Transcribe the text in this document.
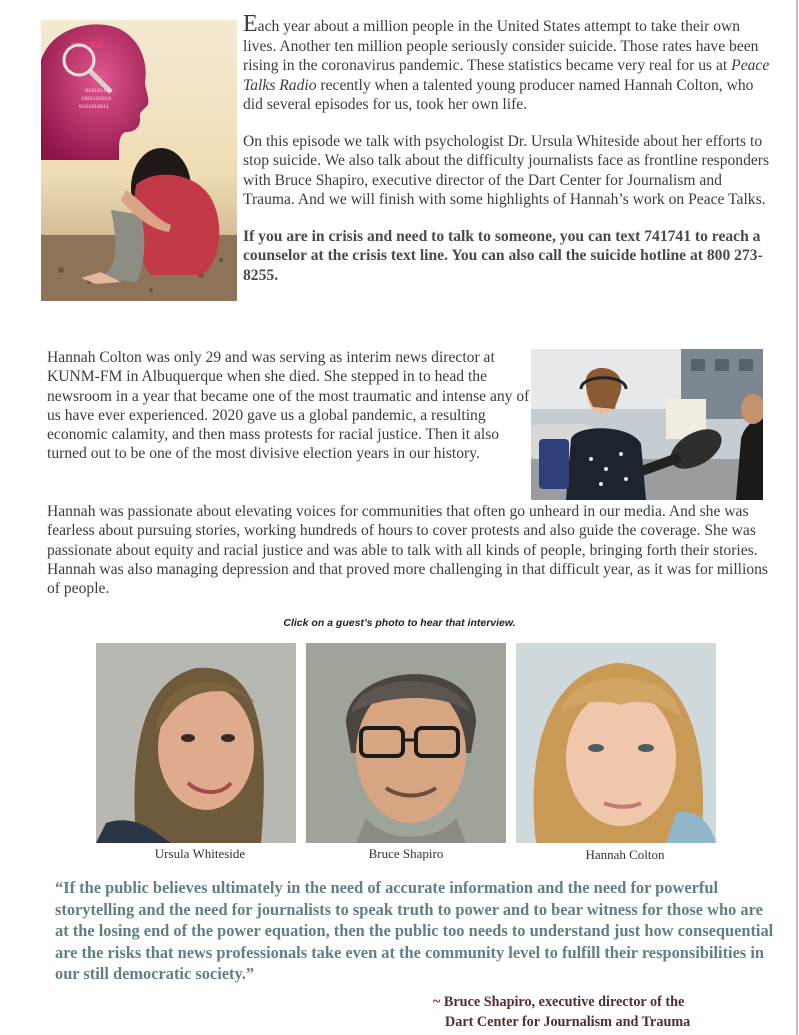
SUICIDE
010101101
1001101010
0101010011

Each year about a million people in the United States attempt to take their own lives. Another ten million people seriously consider suicide. Those rates have been rising in the coronavirus pandemic. These statistics became very real for us at Peace Talks Radio recently when a talented young producer named Hannah Colton, who did several episodes for us, took her own life.

On this episode we talk with psychologist Dr. Ursula Whiteside about her efforts to stop suicide. We also talk about the difficulty journalists face as frontline responders with Bruce Shapiro, executive director of the Dart Center for Journalism and Trauma. And we will finish with some highlights of Hannah’s work on Peace Talks.

If you are in crisis and need to talk to someone, you can text 741741 to reach a counselor at the crisis text line. You can also call the suicide hotline at 800 273-8255.

Hannah Colton was only 29 and was serving as interim news director at KUNM-FM in Albuquerque when she died. She stepped in to head the newsroom in a year that became one of the most traumatic and intense any of us have ever experienced. 2020 gave us a global pandemic, a resulting economic calamity, and then mass protests for racial justice. Then it also turned out to be one of the most divisive election years in our history.

Hannah was passionate about elevating voices for communities that often go unheard in our media. And she was fearless about pursuing stories, working hundreds of hours to cover protests and also guide the coverage. She was passionate about equity and racial justice and was able to talk with all kinds of people, bringing forth their stories. Hannah was also managing depression and that proved more challenging in that difficult year, as it was for millions of people.

Click on a guest’s photo to hear that interview.
Ursula Whiteside	Bruce Shapiro	Hannah Colton

“If the public believes ultimately in the need of accurate information and the need for powerful storytelling and the need for journalists to speak truth to power and to bear witness for those who are at the losing end of the power equation, then the public too needs to understand just how consequential are the risks that news professionals take even at the community level to fulfill their responsibilities in our still democratic society.”

~ Bruce Shapiro, executive director of the
Dart Center for Journalism and Trauma
